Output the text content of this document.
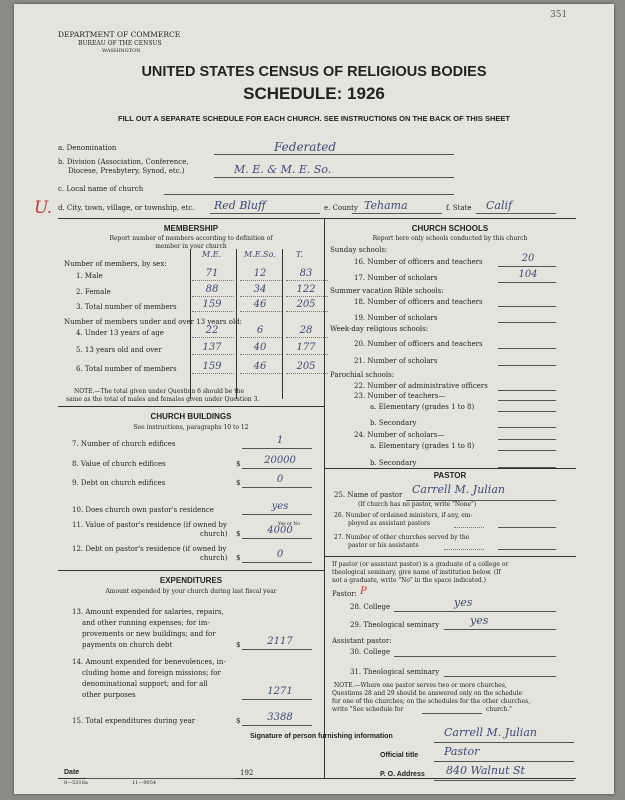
351
DEPARTMENT OF COMMERCE
BUREAU OF THE CENSUS
WASHINGTON
UNITED STATES CENSUS OF RELIGIOUS BODIES
SCHEDULE: 1926
FILL OUT A SEPARATE SCHEDULE FOR EACH CHURCH. SEE INSTRUCTIONS ON THE BACK OF THIS SHEET
a. Denomination	Federated
b. Division (Association, Conference,
Diocese, Presbytery, Synod, etc.)	M. E. & M. E. So.
c. Local name of church
U. d. City, town, village, or township, etc. Red Bluff	e. County Tehama	f. State Calif
MEMBERSHIP
Report number of members according to definition of
member in your church
M.E.	M.E.So.	T.
Number of members, by sex:
1. Male	71	12	83
2. Female	88	34	122
3. Total number of members	159	46	205
Number of members under and over 13 years old:
4. Under 13 years of age	22	6	28
5. 13 years old and over	137	40	177
6. Total number of members	159	46	205
NOTE.—The total given under Question 6 should be the
same as the total of males and females given under Question 3.
CHURCH BUILDINGS
See instructions, paragraphs 10 to 12
7. Number of church edifices	1
8. Value of church edifices	$	20000
9. Debt on church edifices	$	0
10. Does church own pastor's residence	yes
11. Value of pastor's residence (if owned by
church) $	4000
12. Debt on pastor's residence (if owned by
church) $	0
Yes or No
EXPENDITURES
Amount expended by your church during last fiscal year
13. Amount expended for salaries, repairs,
and other running expenses; for im-
provements or new buildings; and for
payments on church debt	$	2117
14. Amount expended for benevolences, in-
cluding home and foreign missions; for
denominational support; and for all
other purposes	1271
15. Total expenditures during year	$	3388
CHURCH SCHOOLS
Report here only schools conducted by this church
Sunday schools:
16. Number of officers and teachers	20
17. Number of scholars	104
Summer vacation Bible schools:
18. Number of officers and teachers
19. Number of scholars
Week-day religious schools:
20. Number of officers and teachers
21. Number of scholars
Parochial schools:
22. Number of administrative officers
23. Number of teachers—
a. Elementary (grades 1 to 8)
b. Secondary
24. Number of scholars—
a. Elementary (grades 1 to 8)
b. Secondary
PASTOR
25. Name of pastor Carrell M. Julian
(If church has no pastor, write "None")
26. Number of ordained ministers, if any, em-
ployed as assistant pastors
27. Number of other churches served by the
pastor or his assistants
If pastor (or assistant pastor) is a graduate of a college or
theological seminary, give name of institution below. (If
not a graduate, write "No" in the space indicated.)
Pastor: P
28. College	yes
29. Theological seminary	yes
Assistant pastor:
30. College
31. Theological seminary
NOTE.—Where one pastor serves two or more churches,
Questions 28 and 29 should be answered only on the schedule
for one of the churches; on the schedules for the other churches,
write "See schedule for	church."
Signature of person furnishing information	Carrell M. Julian
Official title Pastor
P. O. Address 840 Walnut St
Date	192
8—5318a	11—9054
